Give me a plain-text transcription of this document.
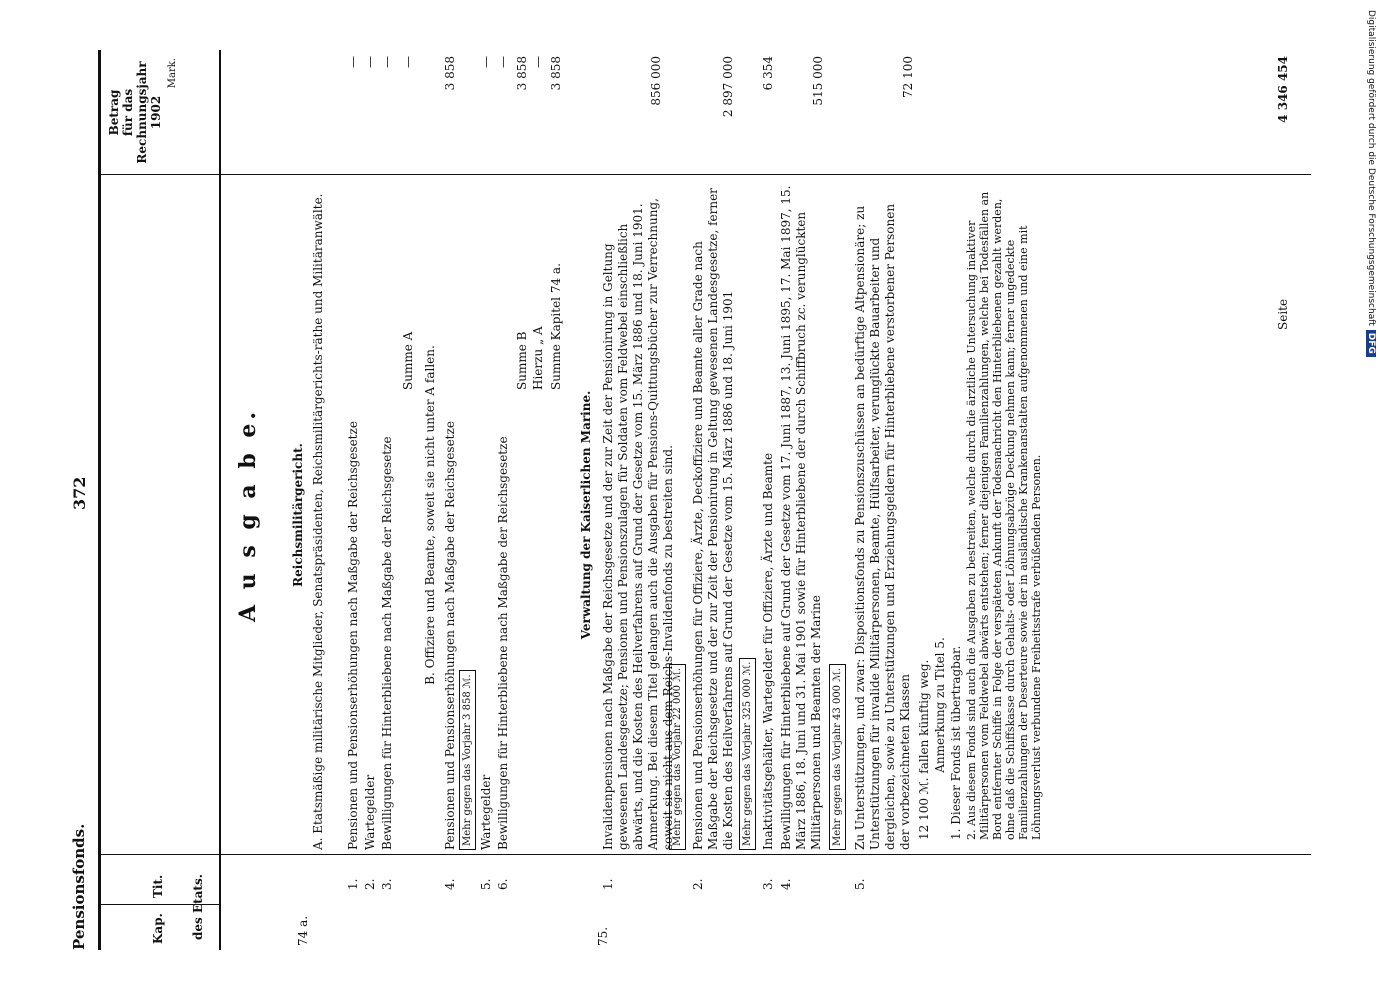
Pensionsfonds.
372
Kap.
Tit. des Etats.
Betrag für das Rechnungsjahr 1902
Mark.
A u s g a b e.
74 a.
Reichsmilitärgericht. A. Etatsmäßige militärische Mitglieder, Senatspräsidenten, Reichsmilitärgerichts-räthe und Militäranwälte.
1.
Pensionen und Pensionserhöhungen nach Maßgabe der Reichsgesetze
—
2.
Wartegelder
—
3.
Bewilligungen für Hinterbliebene nach Maßgabe der Reichsgesetze
—
Summe A
—
B. Offiziere und Beamte, soweit sie nicht unter A fallen.
4.
Pensionen und Pensionserhöhungen nach Maßgabe der Reichsgesetze
3 858
Mehr gegen das Vorjahr 3 858 ℳ.
5.
Wartegelder
—
6.
Bewilligungen für Hinterbliebene nach Maßgabe der Reichsgesetze
—
Summe B
3 858
Hierzu „ A
—
Summe Kapitel 74 a.
3 858
75.
Verwaltung der Kaiserlichen Marine.
1.
Invalidenpensionen nach Maßgabe der Reichsgesetze und der zur Zeit der Pensionirung in Geltung gewesenen Landesgesetze; Pensionen und Pensionszulagen für Soldaten vom Feldwebel einschließlich abwärts, und die Kosten des Heilverfahrens auf Grund der Gesetze vom 15. März 1886 und 18. Juni 1901. Anmerkung. Bei diesem Titel gelangen auch die Ausgaben für Pensions-Quittungsbücher zur Verrechnung, soweit sie nicht aus dem Reichs-Invalidenfonds zu bestreiten sind.
856 000
Mehr gegen das Vorjahr 22 000 ℳ.
2.
Pensionen und Pensionserhöhungen für Offiziere, Ärzte, Deckoffiziere und Beamte aller Grade nach Maßgabe der Reichsgesetze und der zur Zeit der Pensionirung in Geltung gewesenen Landesgesetze, ferner die Kosten des Heilverfahrens auf Grund der Gesetze vom 15. März 1886 und 18. Juni 1901
2 897 000
Mehr gegen das Vorjahr 325 000 ℳ.
3.
Inaktivitätsgehälter, Wartegelder für Offiziere, Ärzte und Beamte
6 354
4.
Bewilligungen für Hinterbliebene auf Grund der Gesetze vom 17. Juni 1887, 13. Juni 1895, 17. Mai 1897, 15. März 1886, 18. Juni und 31. Mai 1901 sowie für Hinterbliebene der durch Schiffbruch zc. verunglückten Militärpersonen und Beamten der Marine
515 000
Mehr gegen das Vorjahr 43 000 ℳ.
5.
Zu Unterstützungen, und zwar: Dispositionsfonds zu Pensionszuschüssen an bedürftige Altpensionäre; zu Unterstützungen für invalide Militärpersonen, Beamte, Hülfsarbeiter, verunglückte Bauarbeiter und dergleichen, sowie zu Unterstützungen und Erziehungsgeldern für Hinterbliebene verstorbener Personen der vorbezeichneten Klassen
72 100
12 100 ℳ. fallen künftig weg. Anmerkung zu Titel 5. 1. Dieser Fonds ist übertragbar. 2. Aus diesem Fonds sind auch die Ausgaben zu bestreiten, welche durch die ärztliche Untersuchung inaktiver Militärpersonen vom Feldwebel abwärts entstehen; ferner diejenigen Familienzahlungen, welche bei Todesfällen an Bord entfernter Schiffe in Folge der verspäteten Ankunft der Todesnachricht den Hinterbliebenen gezahlt werden, ohne daß die Schiffskasse durch Gehalts- oder Löhnungsabzüge Deckung nehmen kann; ferner ungedeckte Familienzahlungen der Deserteure sowie der in ausländische Krankenanstalten aufgenommenen und eine mit Löhnungsverlust verbundene Freiheitsstrafe verbüßenden Personen.
Seite
4 346 454	Digitalisierung gefördert durch die Deutsche ForschungsgemeinschaftDFG
